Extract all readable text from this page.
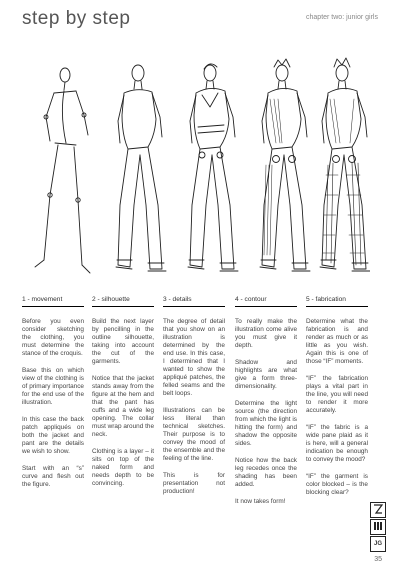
step by step	chapter two: junior girls
1 - movement

Before you even consider sketching the clothing, you must determine the stance of the croquis.

Base this on which view of the clothing is of primary importance for the end use of the illustration.

In this case the back patch appliqués on both the jacket and pant are the details we wish to show.

Start with an “s” curve and flesh out the figure.

2 - silhouette

Build the next layer by pencilling in the outline silhouette, taking into account the cut of the garments.

Notice that the jacket stands away from the figure at the hem and that the pant has cuffs and a wide leg opening. The collar must wrap around the neck.

Clothing is a layer – it sits on top of the naked form and needs depth to be convincing.

3 - details

The degree of detail that you show on an illustration is determined by the end use. In this case, I determined that I wanted to show the appliqué patches, the felled seams and the belt loops.

Illustrations can be less literal than technical sketches. Their purpose is to convey the mood of the ensemble and the feeling of the line.

This is for presentation not production!

4 - contour

To really make the illustration come alive you must give it depth.

Shadow and highlights are what give a form three-dimensionality.

Determine the light source (the direction from which the light is hitting the form) and shadow the opposite sides.

Notice how the back leg recedes once the shading has been added.

It now takes form!

5 - fabrication

Determine what the fabrication is and render as much or as little as you wish. Again this is one of those “IF” moments.

“IF” the fabrication plays a vital part in the line, you will need to render it more accurately.

“IF” the fabric is a wide pane plaid as it is here, will a general indication be enough to convey the mood?

“IF” the garment is color blocked – is the blocking clear?

JG
35
